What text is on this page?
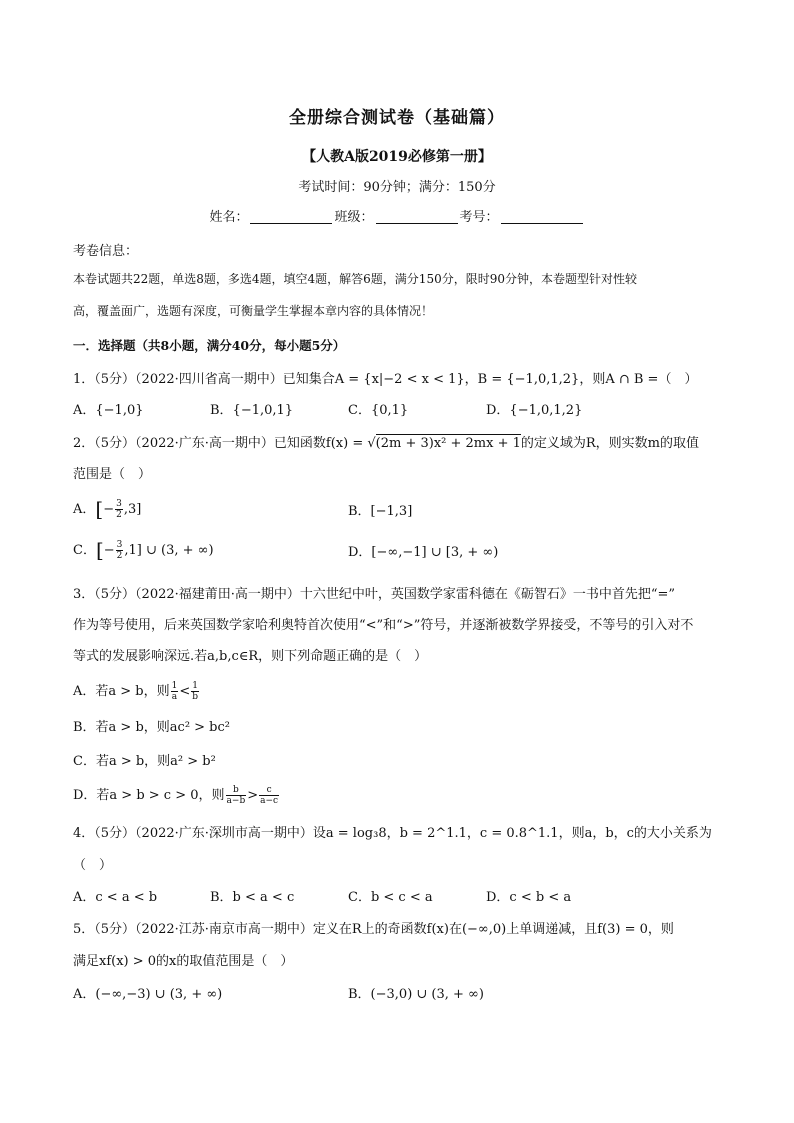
全册综合测试卷（基础篇）
【人教A版2019必修第一册】
考试时间：90分钟；满分：150分
姓名：	班级：	考号：
考卷信息：
本卷试题共22题，单选8题，多选4题，填空4题，解答6题，满分150分，限时90分钟，本卷题型针对性较
高，覆盖面广，选题有深度，可衡量学生掌握本章内容的具体情况！
一．选择题（共8小题，满分40分，每小题5分）
1．（5分）（2022·四川省高一期中）已知集合A = {x|−2 < x < 1}，B = {−1,0,1,2}，则A ∩ B =（　）
A．{−1,0}	B．{−1,0,1}	C．{0,1}	D．{−1,0,1,2}
2．（5分）（2022·广东·高一期中）已知函数f(x) = √(2m + 3)x² + 2mx + 1的定义域为R，则实数m的取值
范围是（　）
A．[− $\frac{3}{2} ,3$]	B．[−1,3]
C．[− $\frac{3}{2} ,1$] ∪ (3, + ∞)	D．[−∞,−1] ∪ [3, + ∞)
3．（5分）（2022·福建莆田·高一期中）十六世纪中叶，英国数学家雷科德在《砺智石》一书中首先把“=”
作为等号使用，后来英国数学家哈利奥特首次使用“<”和“>”符号，并逐渐被数学界接受，不等号的引入对不
等式的发展影响深远.若a,b,c∈R，则下列命题正确的是（　）
A．若a > b，则 $\frac{1}{a} < \frac{1}{b}$
B．若a > b，则ac² > bc²
C．若a > b，则a² > b²
D．若a > b > c > 0，则 $\frac{b}{a-b} > \frac{c}{a-c}$
4．（5分）（2022·广东·深圳市高一期中）设a = log₃8，b = 2^1.1，c = 0.8^1.1，则a，b，c的大小关系为
（　）
A．c < a < b	B．b < a < c	C．b < c < a	D．c < b < a
5．（5分）（2022·江苏·南京市高一期中）定义在R上的奇函数f(x)在(−∞,0)上单调递减，且f(3) = 0，则
满足xf(x) > 0的x的取值范围是（　）
A．(−∞,−3) ∪ (3, + ∞)	B．(−3,0) ∪ (3, + ∞)
